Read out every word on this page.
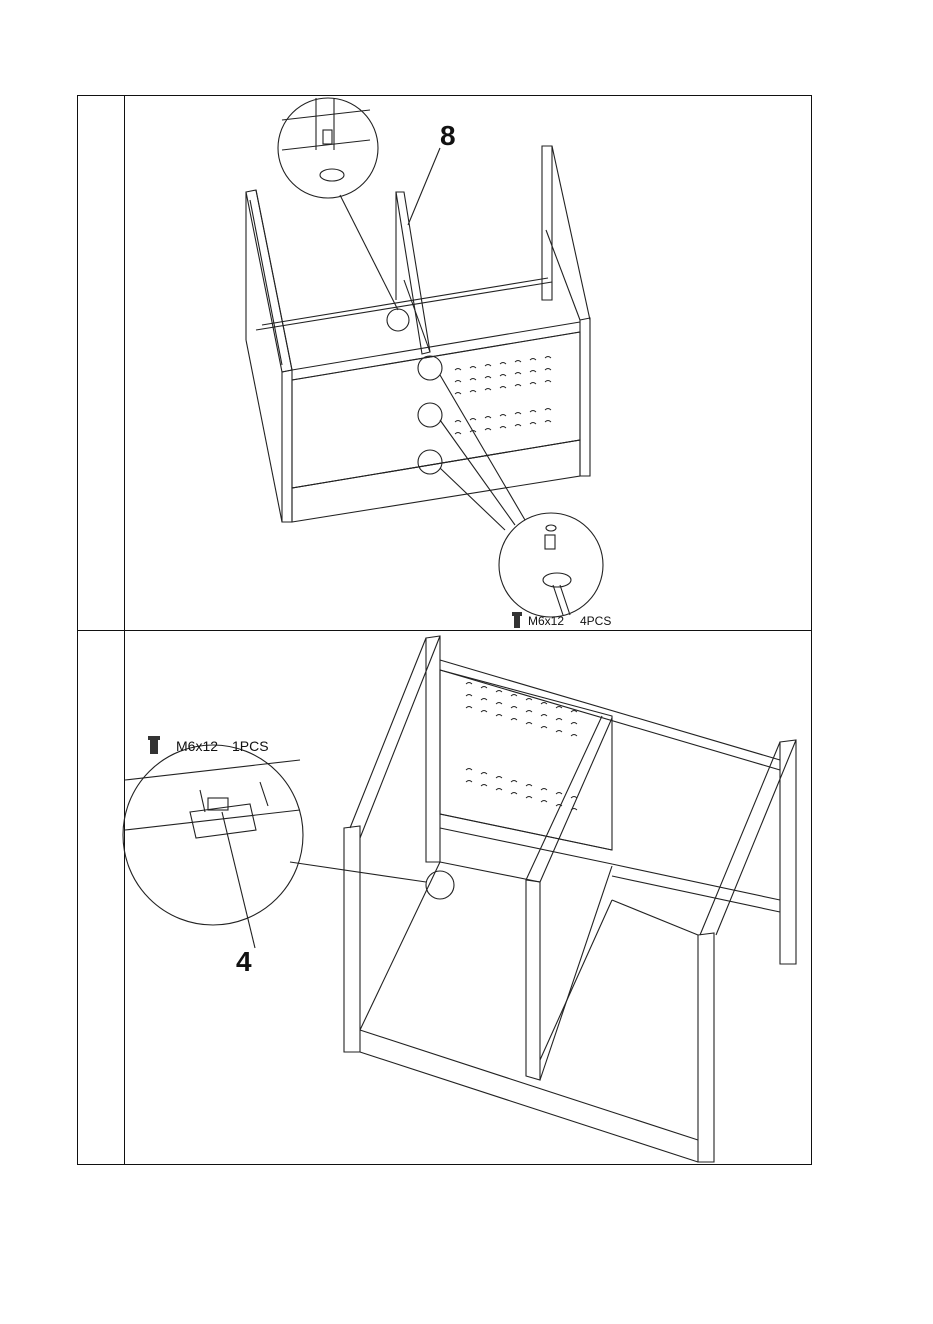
8
4
M6x12 4PCS
M6x12 1PCS
